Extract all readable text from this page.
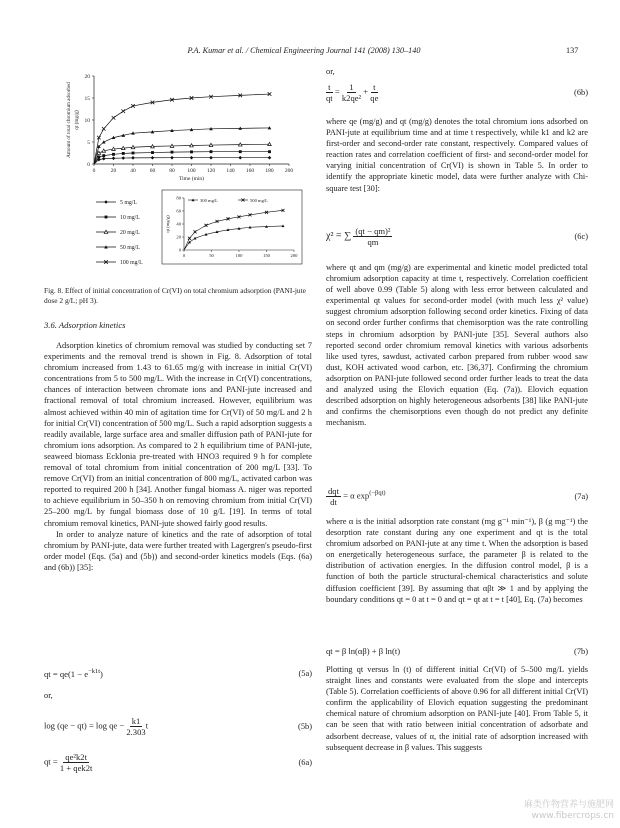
P.A. Kumar et al. / Chemical Engineering Journal 141 (2008) 130–140	137
0	20	40	60	80 100 120 140 160 180 200
0
5
10
15
20
Time (min)
Amount of total chromium adsorbed qt (mg/g)
5 mg/L
10 mg/L
20 mg/L
50 mg/L
100 mg/L
0	50	100	150	200
0
20
40
60
80
qt (mg/g)
300 mg/L	500 mg/L
Fig. 8. Effect of initial concentration of Cr(VI) on total chromium adsorption (PANI-jute dose 2 g/L; pH 3).
3.6. Adsorption kinetics

Adsorption kinetics of chromium removal was studied by conducting set 7 experiments and the removal trend is shown in Fig. 8. Adsorption of total chromium increased from 1.43 to 61.65 mg/g with increase in initial Cr(VI) concentrations from 5 to 500 mg/L. With the increase in Cr(VI) concentrations, chances of interaction between chromate ions and PANI-jute increased and fractional removal of total chromium increased. However, equilibrium was almost achieved within 40 min of agitation time for Cr(VI) of 50 mg/L and 2 h for initial Cr(VI) concentration of 500 mg/L. Such a rapid adsorption suggests a readily available, large surface area and smaller diffusion path of PANI-jute for chromium ions adsorption. As compared to 2 h equilibrium time of PANI-jute, seaweed biomass Ecklonia pre-treated with HNO3 required 9 h for complete removal of total chromium from initial concentration of 200 mg/L [33]. To remove Cr(VI) from an initial concentration of 800 mg/L, activated carbon was reported to required 200 h [34]. Another fungal biomass A. niger was reported to achieve equilibrium in 50–350 h on removing chromium from initial Cr(VI) 25–200 mg/L by fungal biomass dose of 10 g/L [19]. In terms of total chromium removal kinetics, PANI-jute showed fairly good results.

In order to analyze nature of kinetics and the rate of adsorption of total chromium by PANI-jute, data were further treated with Lagergren's pseudo-first order model (Eqs. (5a) and (5b)) and second-order kinetics models (Eqs. (6a) and (6b)) [35]:

qt = $qe(1 - e^{-k1t})$	(5a)
or,
log (qe − qt) = log qe − $\frac{k1}{2.303}$ t	(5b)
qt = $\frac{\text{qe²k2t}}{\text{1 + qek2t}}$	(6a)
or,
$\frac{t}{qt} = \frac{1}{\text{k2qe²}} + \frac{t}{qe}$	(6b)

where qe (mg/g) and qt (mg/g) denotes the total chromium ions adsorbed on PANI-jute at equilibrium time and at time t respectively, while k1 and k2 are first-order and second-order rate constant, respectively. Compared values of reaction rates and correlation coefficient of first- and second-order model for varying initial concentration of Cr(VI) is shown in Table 5. In order to identify the appropriate kinetic model, data were further analyze with Chi-square test [30]:

χ² = ∑ $\frac{\text{(qt − qm)²}}{qm}$	(6c)

where qt and qm (mg/g) are experimental and kinetic model predicted total chromium adsorption capacity at time t, respectively. Correlation coefficient of well above 0.99 (Table 5) along with less error between calculated and experimental qt values for second-order model (with much less χ² value) suggest chromium adsorption following second order kinetics. Fixing of data on second order further confirms that chemisorption was the rate controlling steps in chromium adsorption by PANI-jute [35]. Several authors also reported second order chromium removal kinetics with various adsorbents like used tyres, sawdust, activated carbon prepared from rubber wood saw dust, KOH activated wood carbon, etc. [36,37]. Confirming the chromium adsorption on PANI-jute followed second order further leads to treat the data and analyzed using the Elovich equation (Eq. (7a)). Elovich equation described adsorption on highly heterogeneous adsorbents [38] like PANI-jute and confirms the chemisorptions even though do not predict any definite mechanism.

$\frac{\text{dqt}}{dt} = \alpha$ $\exp^{(-\beta qt)}$	(7a)

where α is the initial adsorption rate constant (mg g⁻¹ min⁻¹), β (g mg⁻¹) the desorption rate constant during any one experiment and qt is the total chromium adsorbed on PANI-jute at any time t. When the adsorption is based on energetically heterogeneous surface, the parameter β is related to the distribution of activation energies. In the diffusion control model, β is a function of both the particle structural-chemical characteristics and solute diffusion coefficient [39]. By assuming that αβt ≫ 1 and by applying the boundary conditions qt = 0 at t = 0 and qt = qt at t = t [40], Eq. (7a) becomes

qt = β ln(αβ) + β ln(t)	(7b)

Plotting qt versus ln (t) of different initial Cr(VI) of 5–500 mg/L yields straight lines and constants were evaluated from the slope and intercepts (Table 5). Correlation coefficients of above 0.96 for all different initial Cr(VI) confirm the applicability of Elovich equation suggesting the predominant chemical nature of chromium adsorption on PANI-jute [40]. From Table 5, it can be seen that with ratio between initial concentration of adsorbate and adsorbent decrease, values of α, the initial rate of adsorption increased with subsequent decrease in β values. This suggests

麻类作物营养与施肥网
www.fibercrops.cn
